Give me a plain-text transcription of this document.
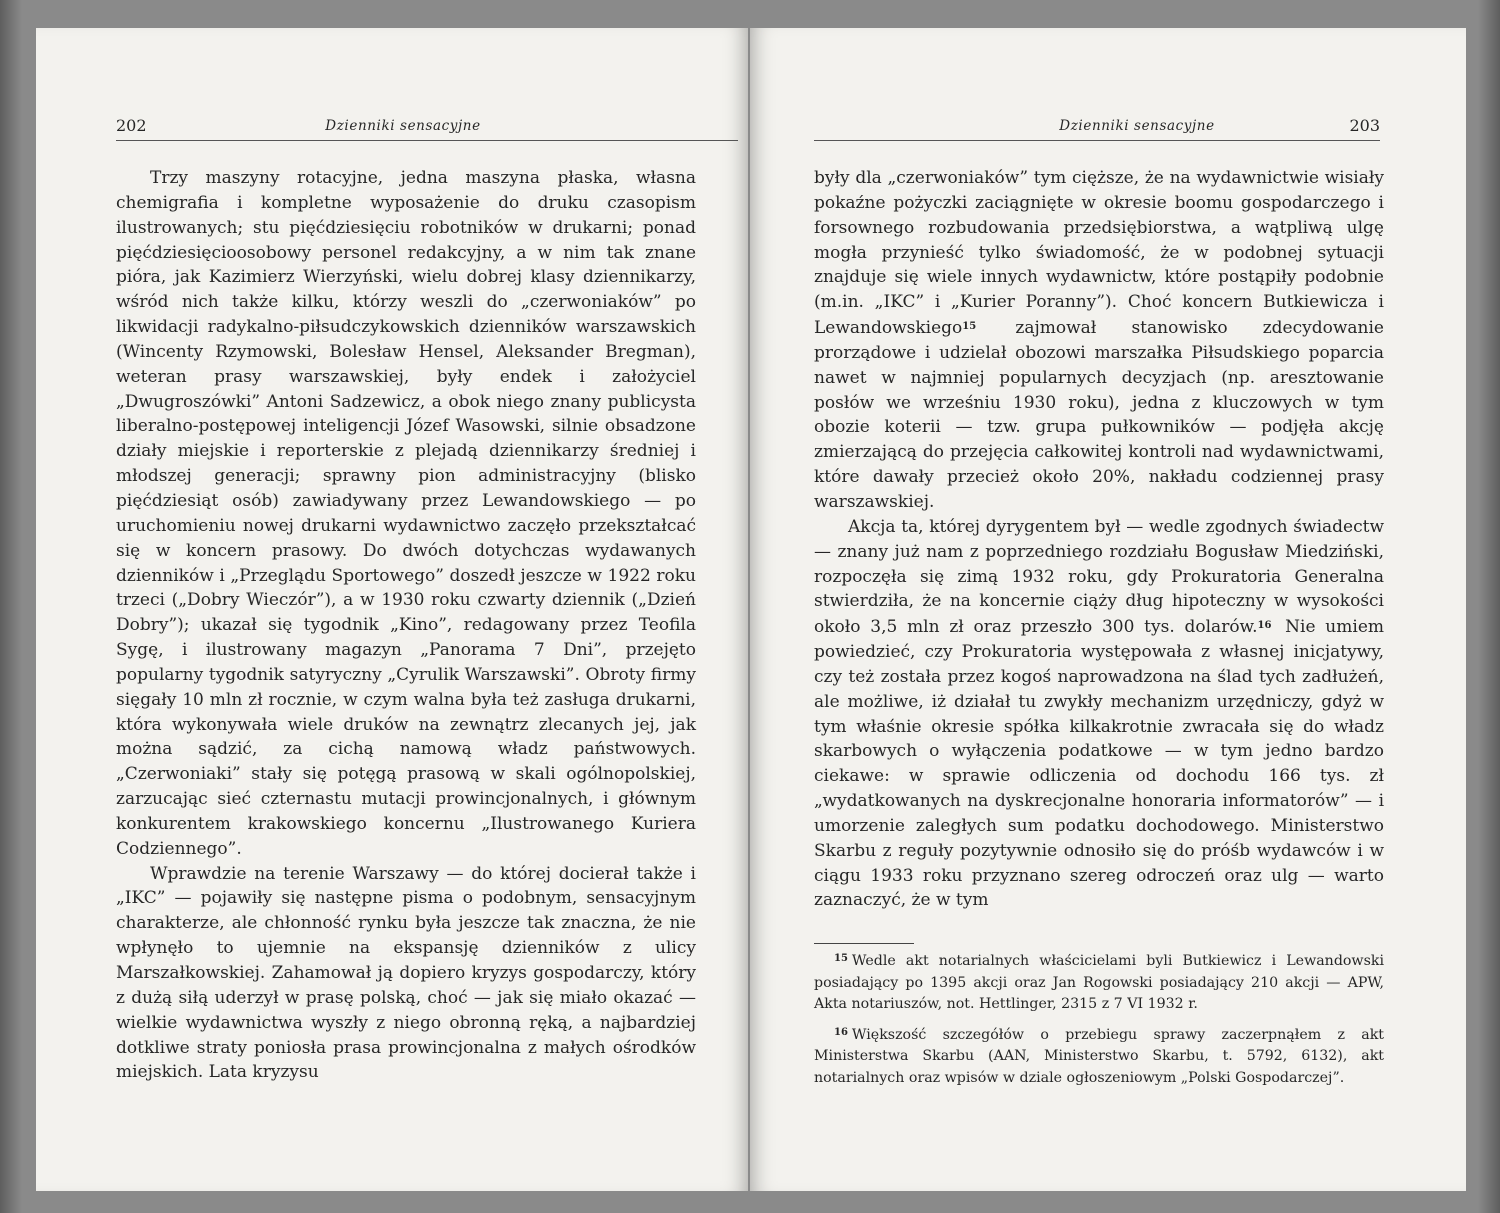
202	Dzienniki sensacyjne

Trzy maszyny rotacyjne, jedna maszyna płaska, własna chemigrafia i kompletne wyposażenie do druku czasopism ilustrowanych; stu pięćdziesięciu robotników w drukarni; ponad pięćdziesięcioosobowy personel redakcyjny, a w nim tak znane pióra, jak Kazimierz Wierzyński, wielu dobrej klasy dziennikarzy, wśród nich także kilku, którzy weszli do „czerwoniaków” po likwidacji radykalno-piłsudczykowskich dzienników warszawskich (Wincenty Rzymowski, Bolesław Hensel, Aleksander Bregman), weteran prasy warszawskiej, były endek i założyciel „Dwugroszówki” Antoni Sadzewicz, a obok niego znany publicysta liberalno-postępowej inteligencji Józef Wasowski, silnie obsadzone działy miejskie i reporterskie z plejadą dziennikarzy średniej i młodszej generacji; sprawny pion administracyjny (blisko pięćdziesiąt osób) zawiadywany przez Lewandowskiego — po uruchomieniu nowej drukarni wydawnictwo zaczęło przekształcać się w koncern prasowy. Do dwóch dotychczas wydawanych dzienników i „Przeglądu Sportowego” doszedł jeszcze w 1922 roku trzeci („Dobry Wieczór”), a w 1930 roku czwarty dziennik („Dzień Dobry”); ukazał się tygodnik „Kino”, redagowany przez Teofila Sygę, i ilustrowany magazyn „Panorama 7 Dni”, przejęto popularny tygodnik satyryczny „Cyrulik Warszawski”. Obroty firmy sięgały 10 mln zł rocznie, w czym walna była też zasługa drukarni, która wykonywała wiele druków na zewnątrz zlecanych jej, jak można sądzić, za cichą namową władz państwowych. „Czerwoniaki” stały się potęgą prasową w skali ogólnopolskiej, zarzucając sieć czternastu mutacji prowincjonalnych, i głównym konkurentem krakowskiego koncernu „Ilustrowanego Kuriera Codziennego”.

Wprawdzie na terenie Warszawy — do której docierał także i „IKC” — pojawiły się następne pisma o podobnym, sensacyjnym charakterze, ale chłonność rynku była jeszcze tak znaczna, że nie wpłynęło to ujemnie na ekspansję dzienników z ulicy Marszałkowskiej. Zahamował ją dopiero kryzys gospodarczy, który z dużą siłą uderzył w prasę polską, choć — jak się miało okazać — wielkie wydawnictwa wyszły z niego obronną ręką, a najbardziej dotkliwe straty poniosła prasa prowincjonalna z małych ośrodków miejskich. Lata kryzysu

Dzienniki sensacyjne	203

były dla „czerwoniaków” tym cięższe, że na wydawnictwie wisiały pokaźne pożyczki zaciągnięte w okresie boomu gospodarczego i forsownego rozbudowania przedsiębiorstwa, a wątpliwą ulgę mogła przynieść tylko świadomość, że w podobnej sytuacji znajduje się wiele innych wydawnictw, które postąpiły podobnie (m.in. „IKC” i „Kurier Poranny”). Choć koncern Butkiewicza i Lewandowskiego$^{15}$ zajmował stanowisko zdecydowanie prorządowe i udzielał obozowi marszałka Piłsudskiego poparcia nawet w najmniej popularnych decyzjach (np. aresztowanie posłów we wrześniu 1930 roku), jedna z kluczowych w tym obozie koterii — tzw. grupa pułkowników — podjęła akcję zmierzającą do przejęcia całkowitej kontroli nad wydawnictwami, które dawały przecież około 20%, nakładu codziennej prasy warszawskiej.

Akcja ta, której dyrygentem był — wedle zgodnych świadectw — znany już nam z poprzedniego rozdziału Bogusław Miedziński, rozpoczęła się zimą 1932 roku, gdy Prokuratoria Generalna stwierdziła, że na koncernie ciąży dług hipoteczny w wysokości około 3,5 mln zł oraz przeszło 300 tys. dolarów.$^{16}$ Nie umiem powiedzieć, czy Prokuratoria występowała z własnej inicjatywy, czy też została przez kogoś naprowadzona na ślad tych zadłużeń, ale możliwe, iż działał tu zwykły mechanizm urzędniczy, gdyż w tym właśnie okresie spółka kilkakrotnie zwracała się do władz skarbowych o wyłączenia podatkowe — w tym jedno bardzo ciekawe: w sprawie odliczenia od dochodu 166 tys. zł „wydatkowanych na dyskrecjonalne honoraria informatorów” — i umorzenie zaległych sum podatku dochodowego. Ministerstwo Skarbu z reguły pozytywnie odnosiło się do próśb wydawców i w ciągu 1933 roku przyznano szereg odroczeń oraz ulg — warto zaznaczyć, że w tym

$^{15}$ Wedle akt notarialnych właścicielami byli Butkiewicz i Lewandowski posiadający po 1395 akcji oraz Jan Rogowski posiadający 210 akcji — APW, Akta notariuszów, not. Hettlinger, 2315 z 7 VI 1932 r.

$^{16}$ Większość szczegółów o przebiegu sprawy zaczerpnąłem z akt Ministerstwa Skarbu (AAN, Ministerstwo Skarbu, t. 5792, 6132), akt notarialnych oraz wpisów w dziale ogłoszeniowym „Polski Gospodarczej”.
